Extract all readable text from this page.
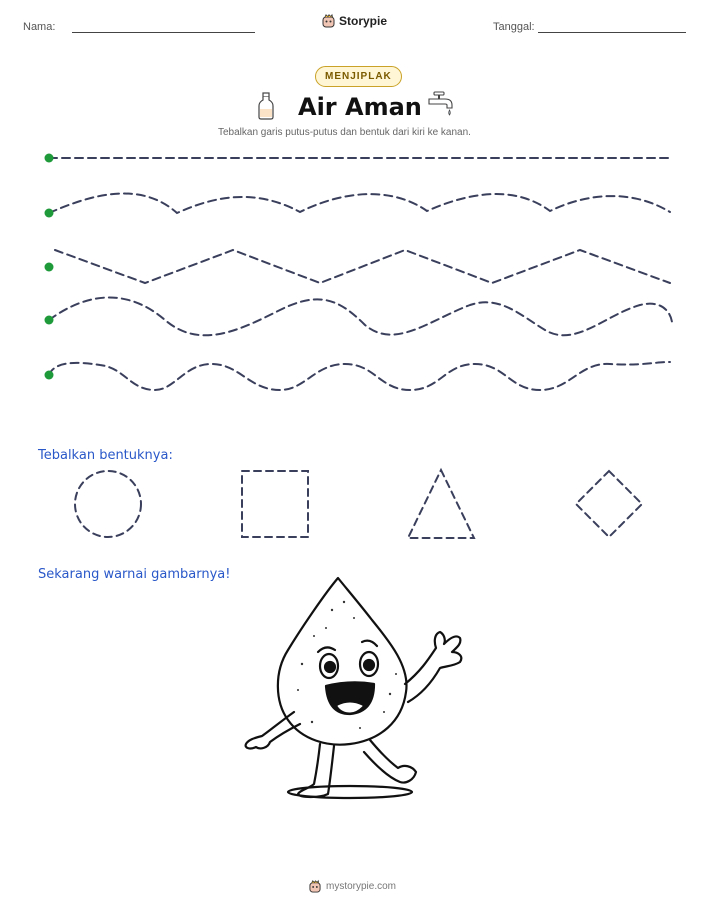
Nama:	Storypie	Tanggal:
MENJIPLAK
Air Aman
Tebalkan garis putus-putus dan bentuk dari kiri ke kanan.
Tebalkan bentuknya:
Sekarang warnai gambarnya!
mystorypie.com
